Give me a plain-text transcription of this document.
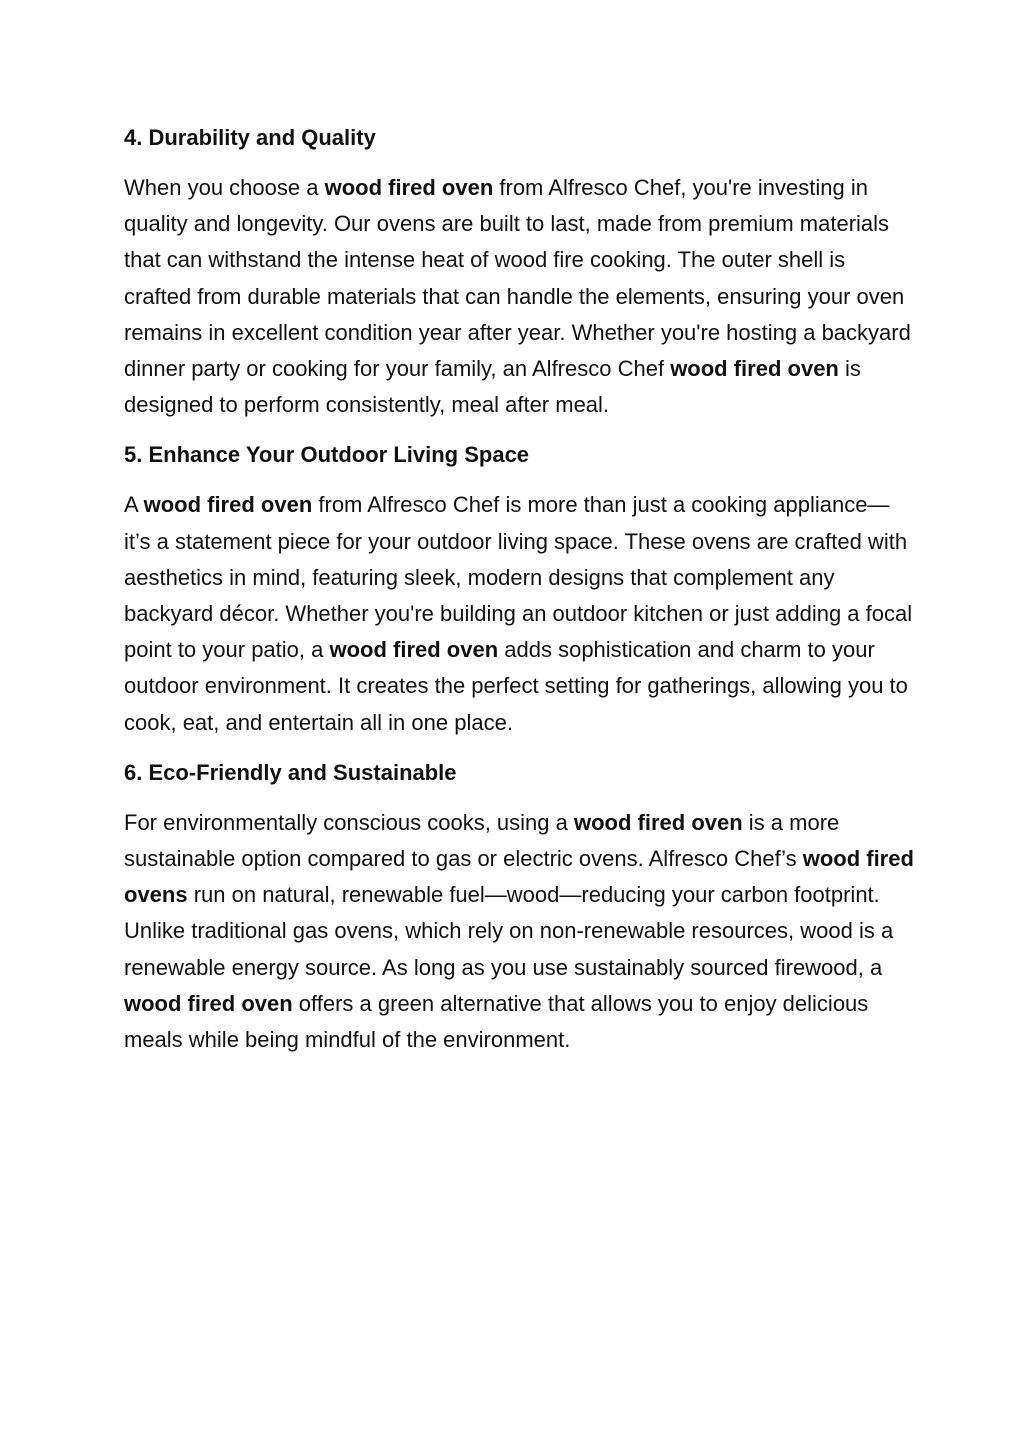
4. Durability and Quality
When you choose a wood fired oven from Alfresco Chef, you're investing in quality and longevity. Our ovens are built to last, made from premium materials that can withstand the intense heat of wood fire cooking. The outer shell is crafted from durable materials that can handle the elements, ensuring your oven remains in excellent condition year after year. Whether you're hosting a backyard dinner party or cooking for your family, an Alfresco Chef wood fired oven is designed to perform consistently, meal after meal.
5. Enhance Your Outdoor Living Space
A wood fired oven from Alfresco Chef is more than just a cooking appliance—it’s a statement piece for your outdoor living space. These ovens are crafted with aesthetics in mind, featuring sleek, modern designs that complement any backyard décor. Whether you're building an outdoor kitchen or just adding a focal point to your patio, a wood fired oven adds sophistication and charm to your outdoor environment. It creates the perfect setting for gatherings, allowing you to cook, eat, and entertain all in one place.
6. Eco-Friendly and Sustainable
For environmentally conscious cooks, using a wood fired oven is a more sustainable option compared to gas or electric ovens. Alfresco Chef’s wood fired ovens run on natural, renewable fuel—wood—reducing your carbon footprint. Unlike traditional gas ovens, which rely on non-renewable resources, wood is a renewable energy source. As long as you use sustainably sourced firewood, a wood fired oven offers a green alternative that allows you to enjoy delicious meals while being mindful of the environment.
